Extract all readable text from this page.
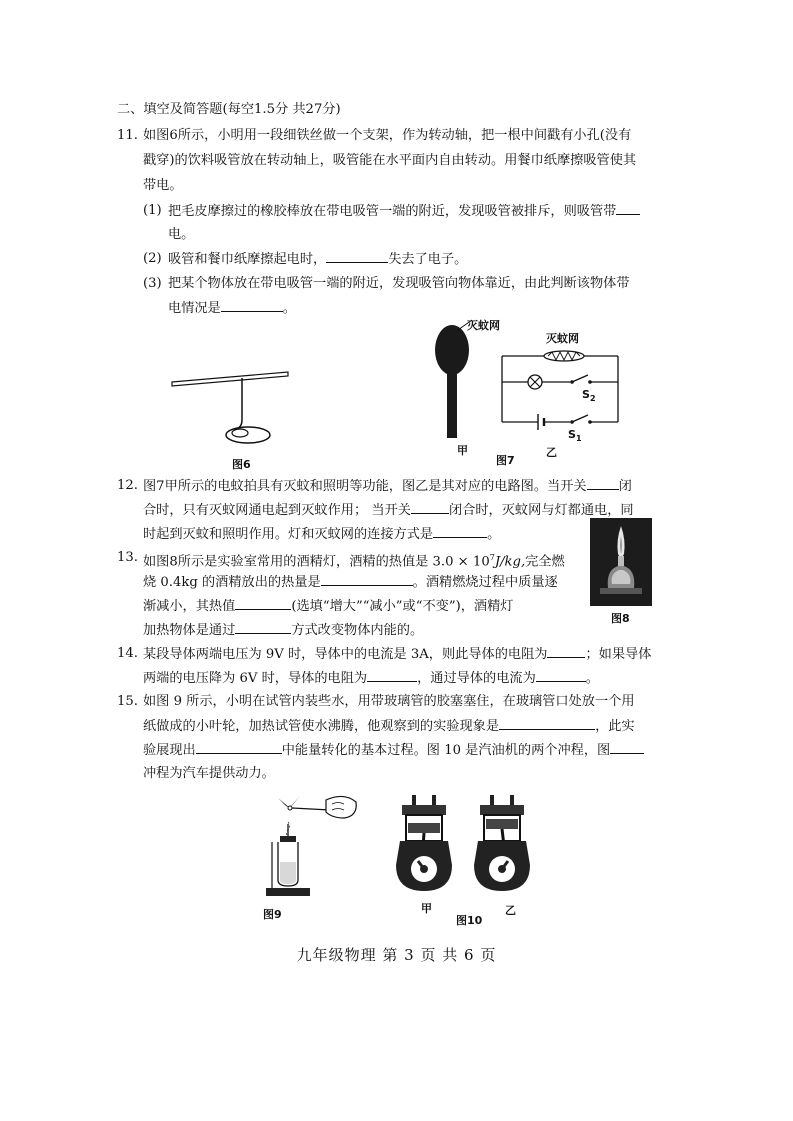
二、填空及简答题(每空1.5分 共27分)
11. 如图6所示，小明用一段细铁丝做一个支架，作为转动轴，把一根中间戳有小孔(没有
戳穿)的饮料吸管放在转动轴上，吸管能在水平面内自由转动。用餐巾纸摩擦吸管使其
带电。
(1) 把毛皮摩擦过的橡胶棒放在带电吸管一端的附近，发现吸管被排斥，则吸管带
电。
(2) 吸管和餐巾纸摩擦起电时，	失去了电子。
(3) 把某个物体放在带电吸管一端的附近，发现吸管向物体靠近，由此判断该物体带
电情况是	。
图6
灭蚊网
甲
灭蚊网
$S_2$
$S_1$
乙
图7
12. 图7甲所示的电蚊拍具有灭蚊和照明等功能，图乙是其对应的电路图。当开关 闭
合时，只有灭蚊网通电起到灭蚊作用； 当开关	闭合时，灭蚊网与灯都通电，同
时起到灭蚊和照明作用。灯和灭蚊网的连接方式是	。
13. 如图8所示是实验室常用的酒精灯，酒精的热值是 $3.0 \times 10^7J/kg$,完全燃
烧 0.4kg 的酒精放出的热量是	。酒精燃烧过程中质量逐
渐减小，其热值	(选填“增大”“减小”或“不变”)，酒精灯
加热物体是通过	方式改变物体内能的。
图8
14. 某段导体两端电压为 9V 时，导体中的电流是 3A，则此导体的电阻为	；如果导体
两端的电压降为 6V 时，导体的电阻为	，通过导体的电流为	。
15. 如图 9 所示，小明在试管内装些水，用带玻璃管的胶塞塞住，在玻璃管口处放一个用
纸做成的小叶轮，加热试管使水沸腾，他观察到的实验现象是	，此实
验展现出	中能量转化的基本过程。图 10 是汽油机的两个冲程，图
冲程为汽车提供动力。
图9	甲	乙
图10
九年级物理 第 3 页 共 6 页
